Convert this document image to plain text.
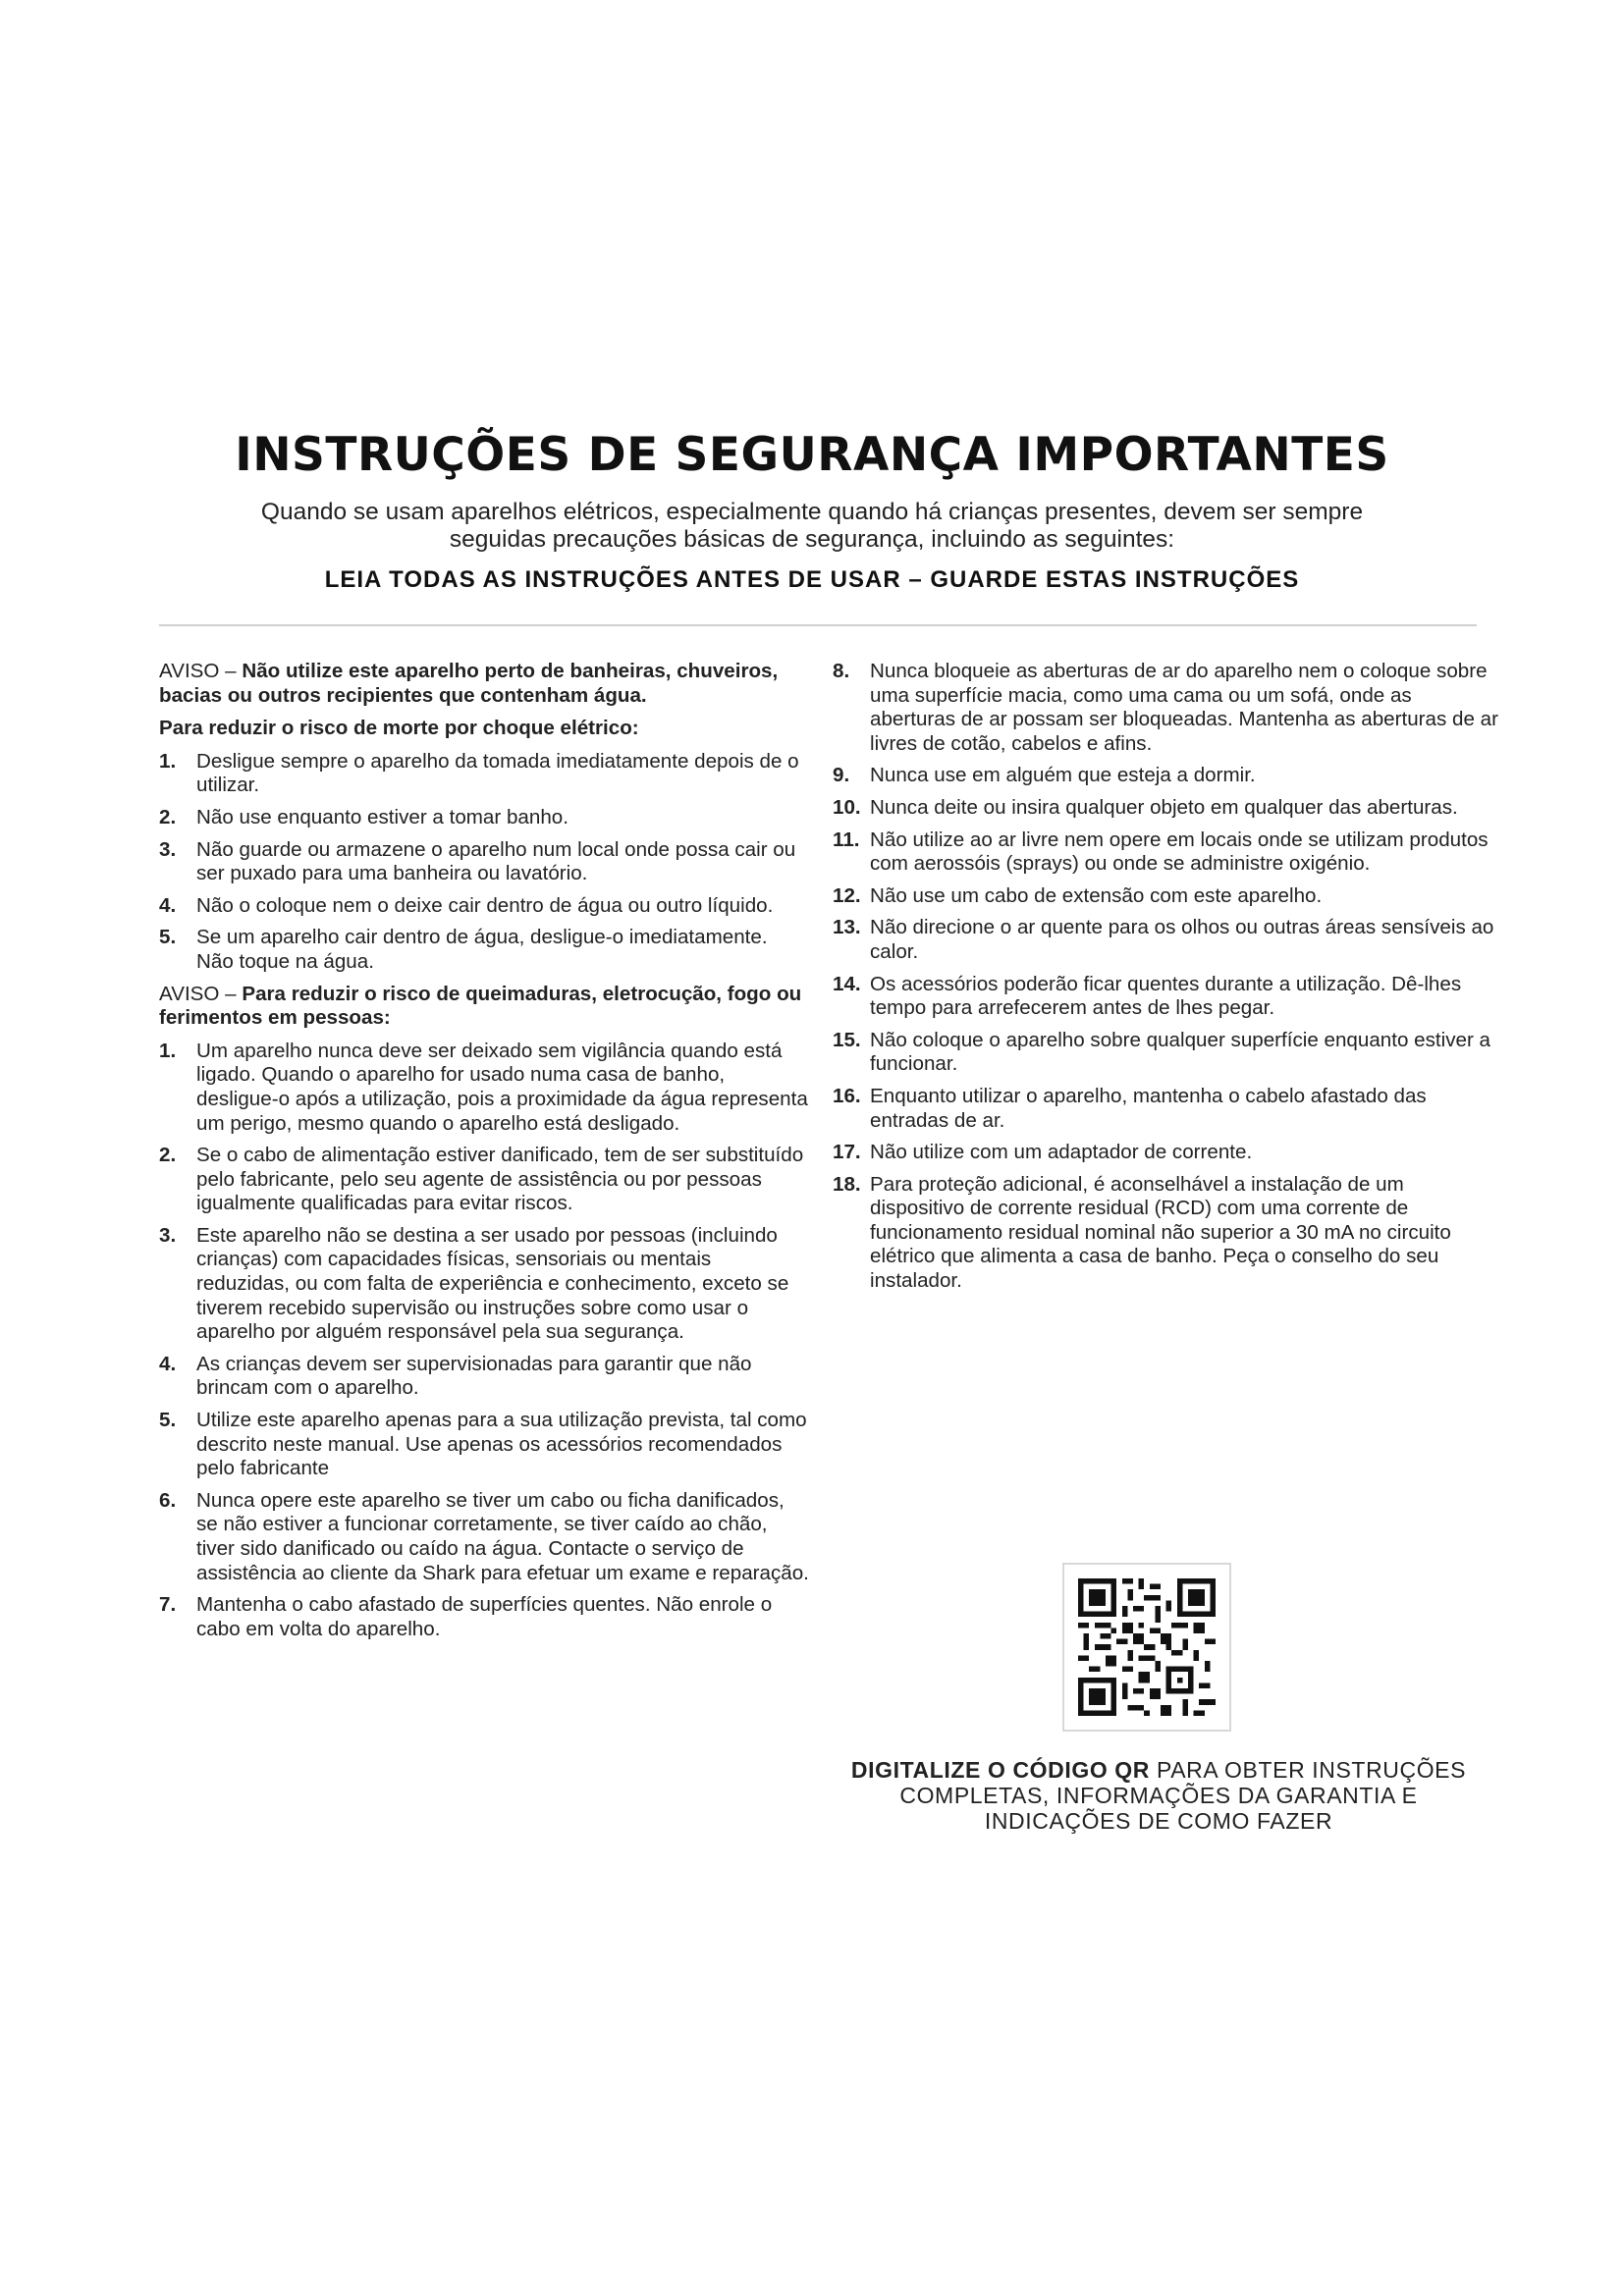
INSTRUÇÕES DE SEGURANÇA IMPORTANTES
Quando se usam aparelhos elétricos, especialmente quando há crianças presentes, devem ser sempre
seguidas precauções básicas de segurança, incluindo as seguintes:
LEIA TODAS AS INSTRUÇÕES ANTES DE USAR – GUARDE ESTAS INSTRUÇÕES

AVISO – Não utilize este aparelho perto de banheiras, chuveiros, bacias ou outros recipientes que contenham água.

Para reduzir o risco de morte por choque elétrico:

1. Desligue sempre o aparelho da tomada imediatamente depois de o utilizar.
2. Não use enquanto estiver a tomar banho.
3. Não guarde ou armazene o aparelho num local onde possa cair ou ser puxado para uma banheira ou lavatório.
4. Não o coloque nem o deixe cair dentro de água ou outro líquido.
5. Se um aparelho cair dentro de água, desligue-o imediatamente.
Não toque na água.

AVISO – Para reduzir o risco de queimaduras, eletrocução, fogo ou ferimentos em pessoas:

1. Um aparelho nunca deve ser deixado sem vigilância quando está ligado. Quando o aparelho for usado numa casa de banho, desligue-o após a utilização, pois a proximidade da água representa um perigo, mesmo quando o aparelho está desligado.
2. Se o cabo de alimentação estiver danificado, tem de ser substituído pelo fabricante, pelo seu agente de assistência ou por pessoas igualmente qualificadas para evitar riscos.
3. Este aparelho não se destina a ser usado por pessoas (incluindo crianças) com capacidades físicas, sensoriais ou mentais reduzidas, ou com falta de experiência e conhecimento, exceto se tiverem recebido supervisão ou instruções sobre como usar o aparelho por alguém responsável pela sua segurança.
4. As crianças devem ser supervisionadas para garantir que não brincam com o aparelho.
5. Utilize este aparelho apenas para a sua utilização prevista, tal como descrito neste manual. Use apenas os acessórios recomendados pelo fabricante
6. Nunca opere este aparelho se tiver um cabo ou ficha danificados, se não estiver a funcionar corretamente, se tiver caído ao chão, tiver sido danificado ou caído na água. Contacte o serviço de assistência ao cliente da Shark para efetuar um exame e reparação.
7. Mantenha o cabo afastado de superfícies quentes. Não enrole o cabo em volta do aparelho.
8. Nunca bloqueie as aberturas de ar do aparelho nem o coloque sobre uma superfície macia, como uma cama ou um sofá, onde as aberturas de ar possam ser bloqueadas. Mantenha as aberturas de ar livres de cotão, cabelos e afins.
9. Nunca use em alguém que esteja a dormir.
10. Nunca deite ou insira qualquer objeto em qualquer das aberturas.
11. Não utilize ao ar livre nem opere em locais onde se utilizam produtos com aerossóis (sprays) ou onde se administre oxigénio.
12. Não use um cabo de extensão com este aparelho.
13. Não direcione o ar quente para os olhos ou outras áreas sensíveis ao calor.
14. Os acessórios poderão ficar quentes durante a utilização. Dê-lhes tempo para arrefecerem antes de lhes pegar.
15. Não coloque o aparelho sobre qualquer superfície enquanto estiver a funcionar.
16. Enquanto utilizar o aparelho, mantenha o cabelo afastado das entradas de ar.
17. Não utilize com um adaptador de corrente.
18. Para proteção adicional, é aconselhável a instalação de um dispositivo de corrente residual (RCD) com uma corrente de funcionamento residual nominal não superior a 30 mA no circuito elétrico que alimenta a casa de banho. Peça o conselho do seu instalador.

DIGITALIZE O CÓDIGO QR PARA OBTER INSTRUÇÕES COMPLETAS, INFORMAÇÕES DA GARANTIA E INDICAÇÕES DE COMO FAZER
